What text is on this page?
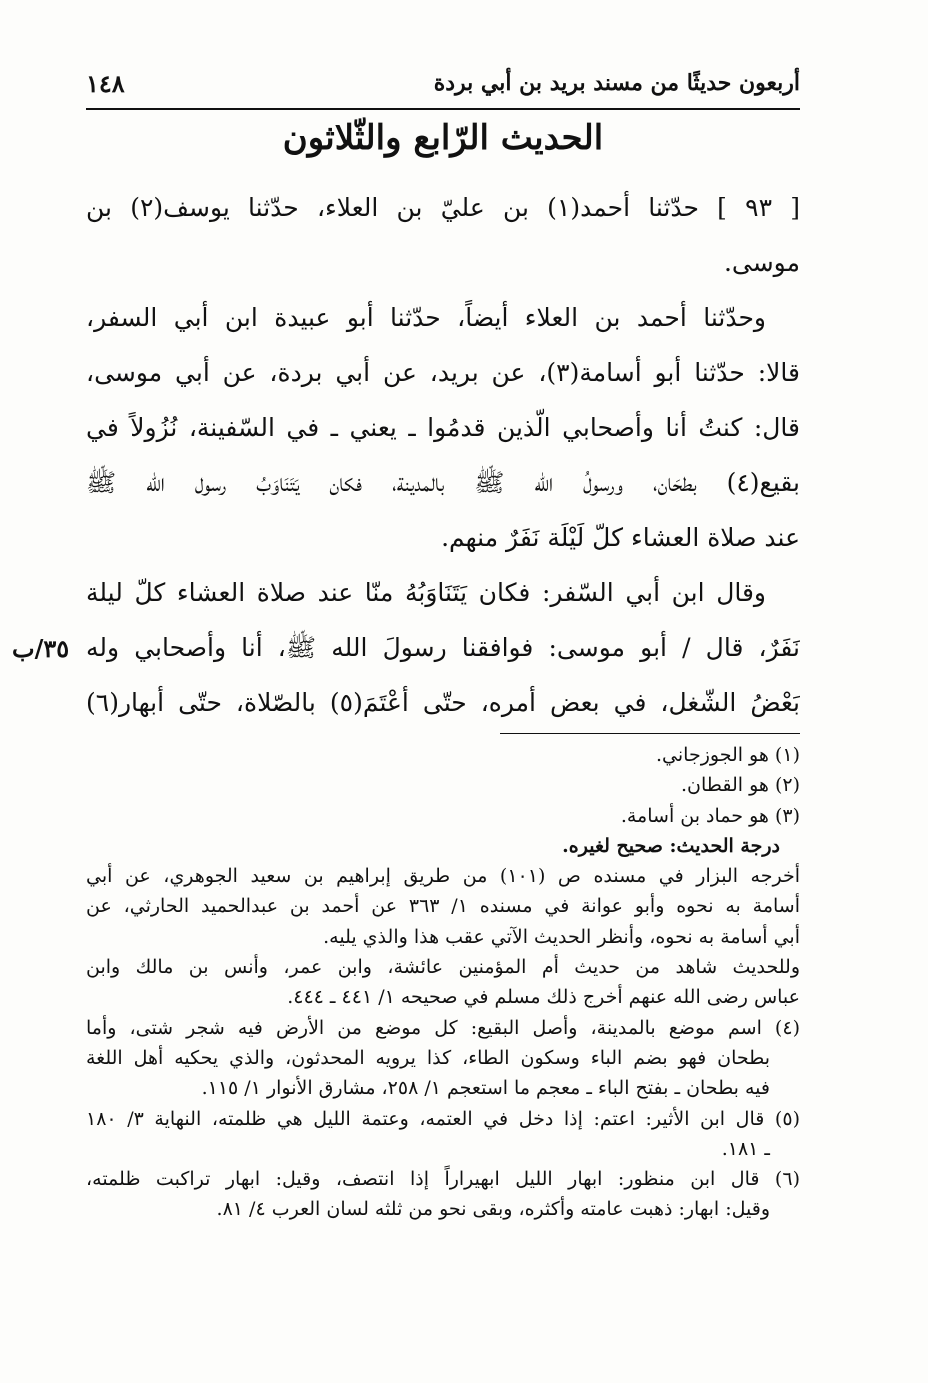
أربعون حديثًا من مسند بريد بن أبي بردة
١٤٨
الحديث الرّابع والثّلاثون
[ ٩٣ ] حدّثنا أحمد(١) بن عليّ بن العلاء، حدّثنا يوسف(٢) بن
موسى.
وحدّثنا أحمد بن العلاء أيضاً، حدّثنا أبو عبيدة ابن أبي السفر،
قالا: حدّثنا أبو أسامة(٣)، عن بريد، عن أبي بردة، عن أبي موسى،
قال: كنتُ أنا وأصحابي الّذين قدمُوا ـ يعني ـ في السّفينة، نُزُولاً في
بقيع(٤) بطحَان، ورسولُ الله ﷺ بالمدينة، فكان يَتَنَاوَبُ رسول الله ﷺ
عند صلاة العشاء كلّ لَيْلَة نَفَرٌ منهم.
وقال ابن أبي السّفر: فكان يَتَنَاوَبُهُ منّا عند صلاة العشاء كلّ ليلة
نَفَرٌ، قال / أبو موسى: فوافقنا رسولَ الله ﷺ، أنا وأصحابي وله
بَعْضُ الشّغل، في بعض أمره، حتّى أعْتَمَ(٥) بالصّلاة، حتّى أبهار(٦)
٣٥/ب
(١) هو الجوزجاني.
(٢) هو القطان.
(٣) هو حماد بن أسامة.
درجة الحديث: صحيح لغيره.
أخرجه البزار في مسنده ص (١٠١) من طريق إبراهيم بن سعيد الجوهري، عن أبي
أسامة به نحوه وأبو عوانة في مسنده ١/ ٣٦٣ عن أحمد بن عبدالحميد الحارثي، عن
أبي أسامة به نحوه، وأنظر الحديث الآتي عقب هذا والذي يليه.
وللحديث شاهد من حديث أم المؤمنين عائشة، وابن عمر، وأنس بن مالك وابن
عباس رضى الله عنهم أخرج ذلك مسلم في صحيحه ١/ ٤٤١ ـ ٤٤٤.
(٤) اسم موضع بالمدينة، وأصل البقيع: كل موضع من الأرض فيه شجر شتى، وأما
بطحان فهو بضم الباء وسكون الطاء، كذا يرويه المحدثون، والذي يحكيه أهل اللغة
فيه بطحان ـ بفتح الباء ـ معجم ما استعجم ١/ ٢٥٨، مشارق الأنوار ١/ ١١٥.
(٥) قال ابن الأثير: اعتم: إذا دخل في العتمه، وعتمة الليل هي ظلمته، النهاية ٣/ ١٨٠
ـ ١٨١.
(٦) قال ابن منظور: ابهار الليل ابهيراراً إذا انتصف، وقيل: ابهار تراكبت ظلمته،
وقيل: ابهار: ذهبت عامته وأكثره، وبقى نحو من ثلثه لسان العرب ٤/ ٨١.
